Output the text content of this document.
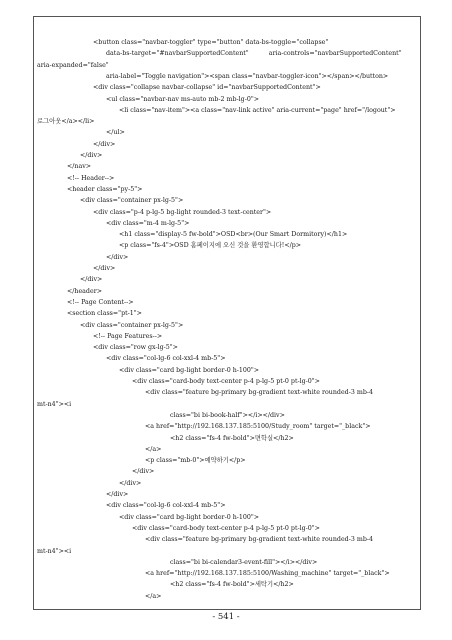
<button class="navbar-toggler" type="button" data-bs-toggle="collapse"
data-bs-target="#navbarSupportedContent"          aria-controls="navbarSupportedContent"
aria-expanded="false"
aria-label="Toggle navigation"><span class="navbar-toggler-icon"></span></button>
<div class="collapse navbar-collapse" id="navbarSupportedContent">
<ul class="navbar-nav ms-auto mb-2 mb-lg-0">
<li class="nav-item"><a class="nav-link active" aria-current="page" href="/logout">
로그아웃</a></li>
</ul>
</div>
</div>
</nav>
<!-- Header-->
<header class="py-5">
<div class="container px-lg-5">
<div class="p-4 p-lg-5 bg-light rounded-3 text-center">
<div class="m-4 m-lg-5">
<h1 class="display-5 fw-bold">OSD<br>(Our Smart Dormitory)</h1>
<p class="fs-4">OSD 홈페이지에 오신 것을 환영합니다!</p>
</div>
</div>
</div>
</header>
<!-- Page Content-->
<section class="pt-1">
<div class="container px-lg-5">
<!-- Page Features-->
<div class="row gx-lg-5">
<div class="col-lg-6 col-xxl-4 mb-5">
<div class="card bg-light border-0 h-100">
<div class="card-body text-center p-4 p-lg-5 pt-0 pt-lg-0">
<div class="feature bg-primary bg-gradient text-white rounded-3 mb-4
mt-n4"><i
class="bi bi-book-half"></i></div>
<a href="http://192.168.137.185:5100/Study_room" target="_black">
<h2 class="fs-4 fw-bold">면학실</h2>
</a>
<p class="mb-0">예약하기</p>
</div>
</div>
</div>
<div class="col-lg-6 col-xxl-4 mb-5">
<div class="card bg-light border-0 h-100">
<div class="card-body text-center p-4 p-lg-5 pt-0 pt-lg-0">
<div class="feature bg-primary bg-gradient text-white rounded-3 mb-4
mt-n4"><i
class="bi bi-calendar3-event-fill"></i></div>
<a href="http://192.168.137.185:5100/Washing_machine" target="_black">
<h2 class="fs-4 fw-bold">세탁기</h2>
</a>
- 541 -
